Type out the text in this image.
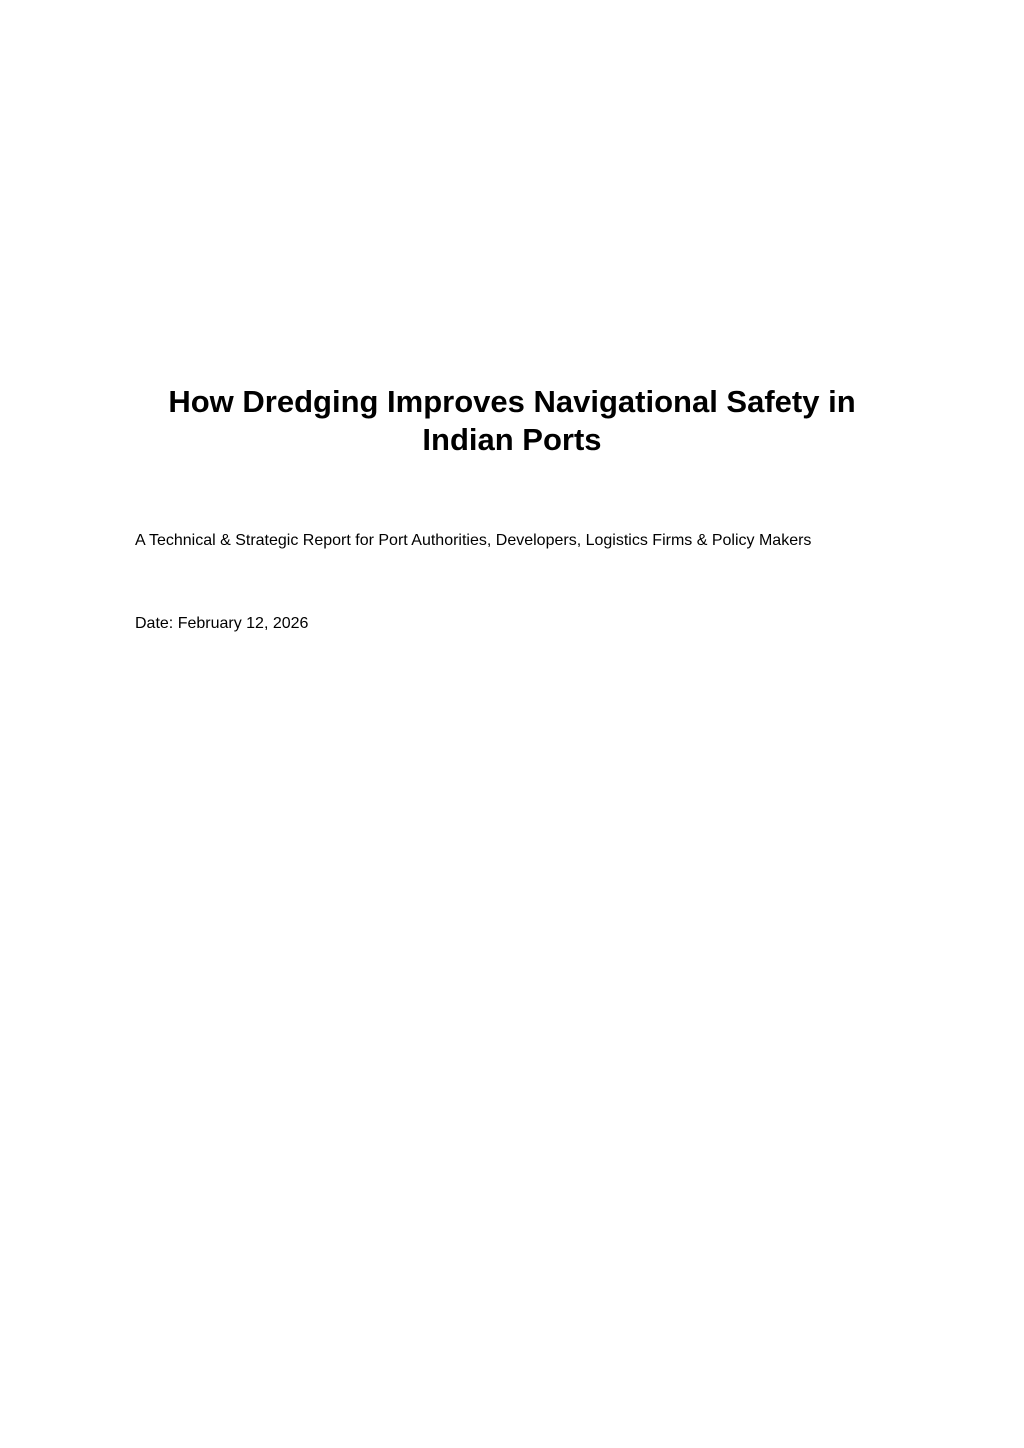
How Dredging Improves Navigational Safety in
Indian Ports

A Technical & Strategic Report for Port Authorities, Developers, Logistics Firms & Policy Makers

Date: February 12, 2026
